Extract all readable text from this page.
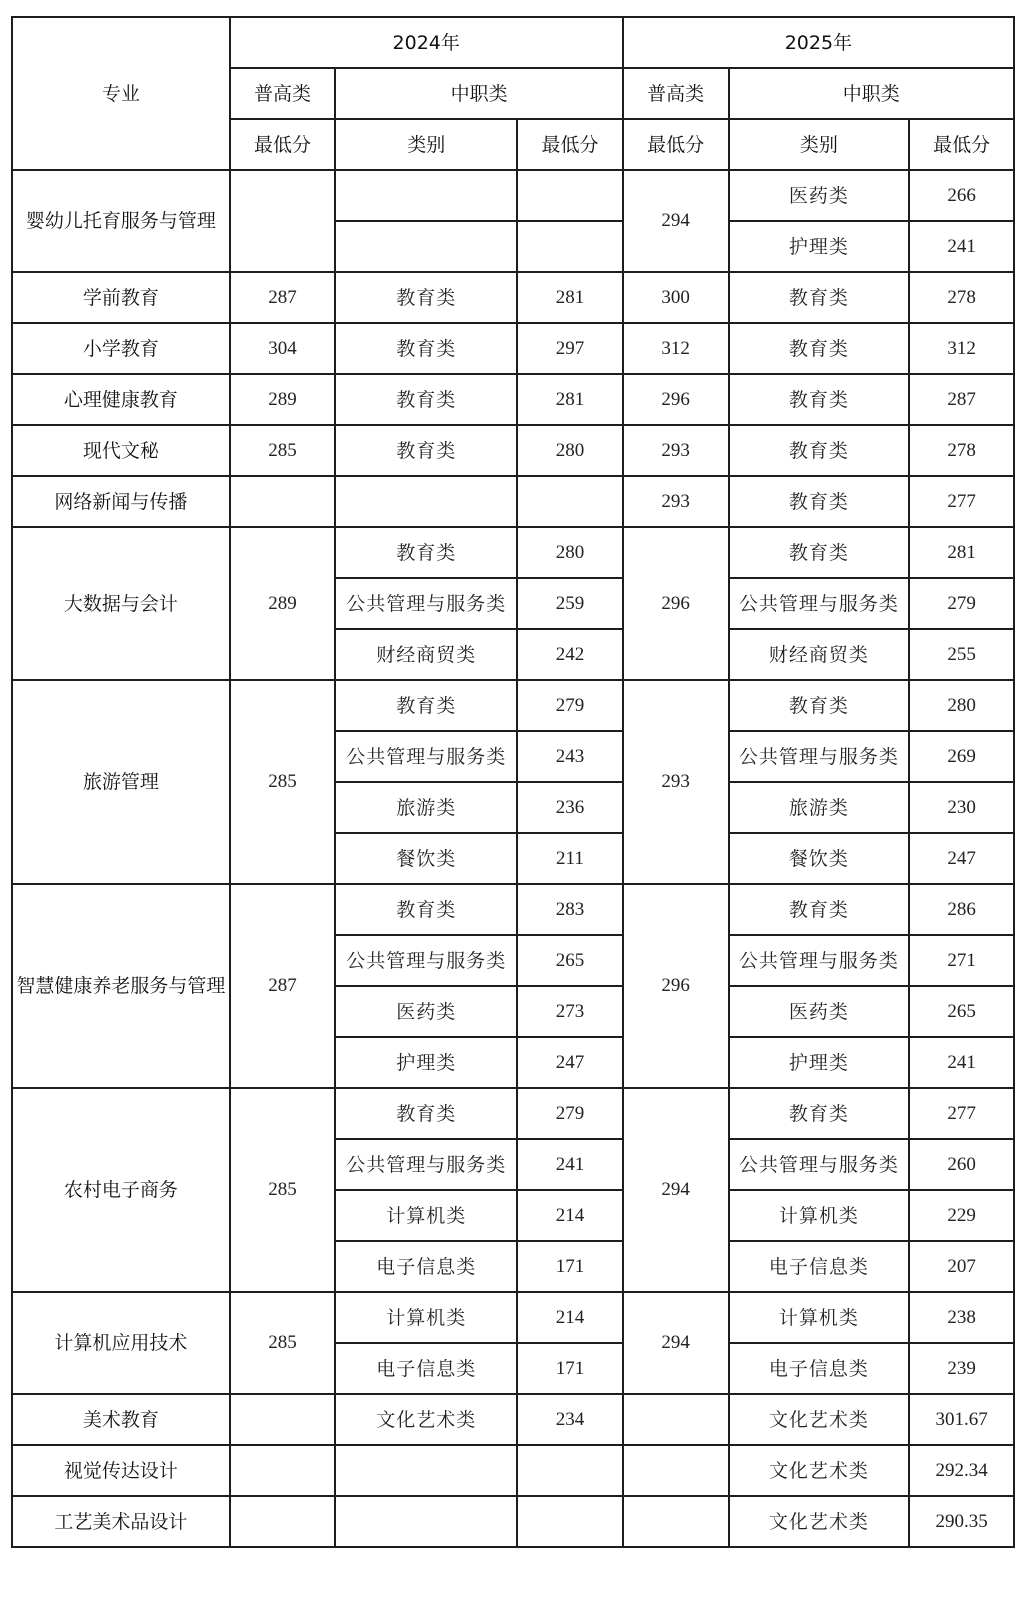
专业	2024年			2025年		
	普高类	中职类		普高类	中职类	
	最低分	类别	最低分	最低分	类别	最低分
婴幼儿托育服务与管理				294	医药类	266
					护理类	241
学前教育	287	教育类	281	300	教育类	278
小学教育	304	教育类	297	312	教育类	312
心理健康教育	289	教育类	281	296	教育类	287
现代文秘	285	教育类	280	293	教育类	278
网络新闻与传播				293	教育类	277
大数据与会计	289	教育类	280	296	教育类	281
		公共管理与服务类	259		公共管理与服务类	279
		财经商贸类	242		财经商贸类	255
旅游管理	285	教育类	279	293	教育类	280
		公共管理与服务类	243		公共管理与服务类	269
		旅游类	236		旅游类	230
		餐饮类	211		餐饮类	247
智慧健康养老服务与管理	287	教育类	283	296	教育类	286
		公共管理与服务类	265		公共管理与服务类	271
		医药类	273		医药类	265
		护理类	247		护理类	241
农村电子商务	285	教育类	279	294	教育类	277
		公共管理与服务类	241		公共管理与服务类	260
		计算机类	214		计算机类	229
		电子信息类	171		电子信息类	207
计算机应用技术	285	计算机类	214	294	计算机类	238
		电子信息类	171		电子信息类	239
美术教育		文化艺术类	234		文化艺术类	301.67
视觉传达设计					文化艺术类	292.34
工艺美术品设计					文化艺术类	290.35
